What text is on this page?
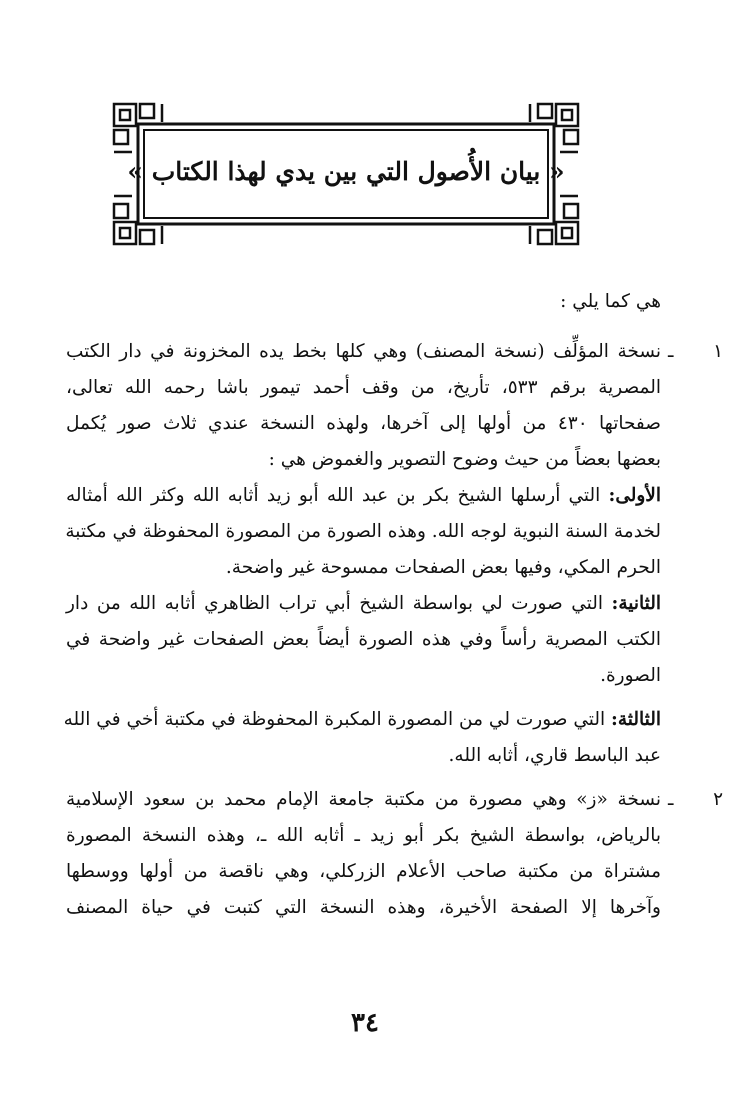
« بيان الأُصول التي بين يدي لهذا الكتاب »
هي كما يلي :
١ ـ
نسخة المؤلِّف (نسخة المصنف) وهي كلها بخط يده المخزونة في دار الكتب
المصرية برقم ٥٣٣، تأريخ، من وقف أحمد تيمور باشا رحمه الله تعالى،
صفحاتها ٤٣٠ من أولها إلى آخرها، ولهذه النسخة عندي ثلاث صور يُكمل
بعضها بعضاً من حيث وضوح التصوير والغموض هي :
الأولى: التي أرسلها الشيخ بكر بن عبد الله أبو زيد أثابه الله وكثر الله أمثاله
لخدمة السنة النبوية لوجه الله. وهذه الصورة من المصورة المحفوظة في مكتبة
الحرم المكي، وفيها بعض الصفحات ممسوحة غير واضحة.
الثانية: التي صورت لي بواسطة الشيخ أبي تراب الظاهري أثابه الله من دار
الكتب المصرية رأساً وفي هذه الصورة أيضاً بعض الصفحات غير واضحة في
الصورة.
الثالثة: التي صورت لي من المصورة المكبرة المحفوظة في مكتبة أخي في الله
عبد الباسط قاري، أثابه الله.
٢ ـ
نسخة «ز» وهي مصورة من مكتبة جامعة الإمام محمد بن سعود الإسلامية
بالرياض، بواسطة الشيخ بكر أبو زيد ـ أثابه الله ـ، وهذه النسخة المصورة
مشتراة من مكتبة صاحب الأعلام الزركلي، وهي ناقصة من أولها ووسطها
وآخرها إلا الصفحة الأخيرة، وهذه النسخة التي كتبت في حياة المصنف
٣٤
